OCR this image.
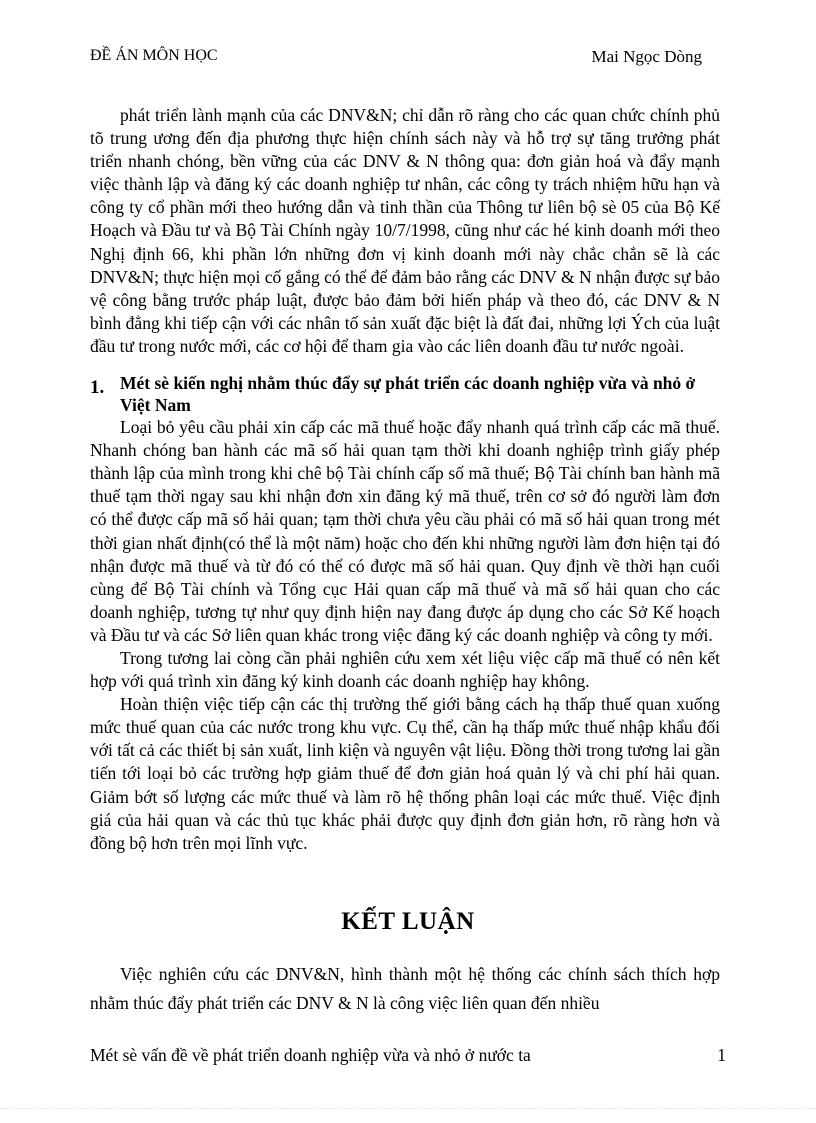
ĐỀ ÁN MÔN HỌC	Mai Ngọc Dòng

phát triển lành mạnh của các DNV&N; chỉ dẫn rõ ràng cho các quan chức chính phủ tõ trung ương đến địa phương thực hiện chính sách này và hỗ trợ sự tăng trưởng phát triển nhanh chóng, bền vững của các DNV & N thông qua: đơn giản hoá và đẩy mạnh việc thành lập và đăng ký các doanh nghiệp tư nhân, các công ty trách nhiệm hữu hạn và công ty cổ phần mới theo hướng dẫn và tinh thần của Thông tư liên bộ sè 05 của Bộ Kế Hoạch và Đầu tư và Bộ Tài Chính ngày 10/7/1998, cũng như các hé kinh doanh mới theo Nghị định 66, khi phần lớn những đơn vị kinh doanh mới này chắc chắn sẽ là các DNV&N; thực hiện mọi cố gắng có thể để đảm bảo rằng các DNV & N nhận được sự bảo vệ công bằng trước pháp luật, được bảo đảm bởi hiến pháp và theo đó, các DNV & N bình đẳng khi tiếp cận với các nhân tố sản xuất đặc biệt là đất đai, những lợi Ých của luật đầu tư trong nước mới, các cơ hội để tham gia vào các liên doanh đầu tư nước ngoài.

1. Mét sè kiến nghị nhằm thúc đẩy sự phát triển các doanh nghiệp vừa và nhỏ ở Việt Nam

Loại bỏ yêu cầu phải xin cấp các mã thuế hoặc đẩy nhanh quá trình cấp các mã thuế. Nhanh chóng ban hành các mã số hải quan tạm thời khi doanh nghiệp trình giấy phép thành lập của mình trong khi chê bộ Tài chính cấp số mã thuế; Bộ Tài chính ban hành mã thuế tạm thời ngay sau khi nhận đơn xin đăng ký mã thuế, trên cơ sở đó người làm đơn có thể được cấp mã số hải quan; tạm thời chưa yêu cầu phải có mã số hải quan trong mét thời gian nhất định(có thể là một năm) hoặc cho đến khi những người làm đơn hiện tại đó nhận được mã thuế và từ đó có thể có được mã số hải quan. Quy định về thời hạn cuối cùng để Bộ Tài chính và Tổng cục Hải quan cấp mã thuế và mã số hải quan cho các doanh nghiệp, tương tự như quy định hiện nay đang được áp dụng cho các Sở Kế hoạch và Đầu tư và các Sở liên quan khác trong việc đăng ký các doanh nghiệp và công ty mới.

Trong tương lai còng cần phải nghiên cứu xem xét liệu việc cấp mã thuế có nên kết hợp với quá trình xin đăng ký kinh doanh các doanh nghiệp hay không.

Hoàn thiện việc tiếp cận các thị trường thế giới bằng cách hạ thấp thuế quan xuống mức thuế quan của các nước trong khu vực. Cụ thể, cần hạ thấp mức thuế nhập khẩu đối với tất cả các thiết bị sản xuất, linh kiện và nguyên vật liệu. Đồng thời trong tương lai gần tiến tới loại bỏ các trường hợp giảm thuế để đơn giản hoá quản lý và chi phí hải quan. Giảm bớt số lượng các mức thuế và làm rõ hệ thống phân loại các mức thuế. Việc định giá của hải quan và các thủ tục khác phải được quy định đơn giản hơn, rõ ràng hơn và đồng bộ hơn trên mọi lĩnh vực.

KẾT LUẬN

Việc nghiên cứu các DNV&N, hình thành một hệ thống các chính sách thích hợp nhằm thúc đẩy phát triển các DNV & N là công việc liên quan đến nhiều

Mét sè vấn đề về phát triển doanh nghiệp vừa và nhỏ ở nước ta	1
